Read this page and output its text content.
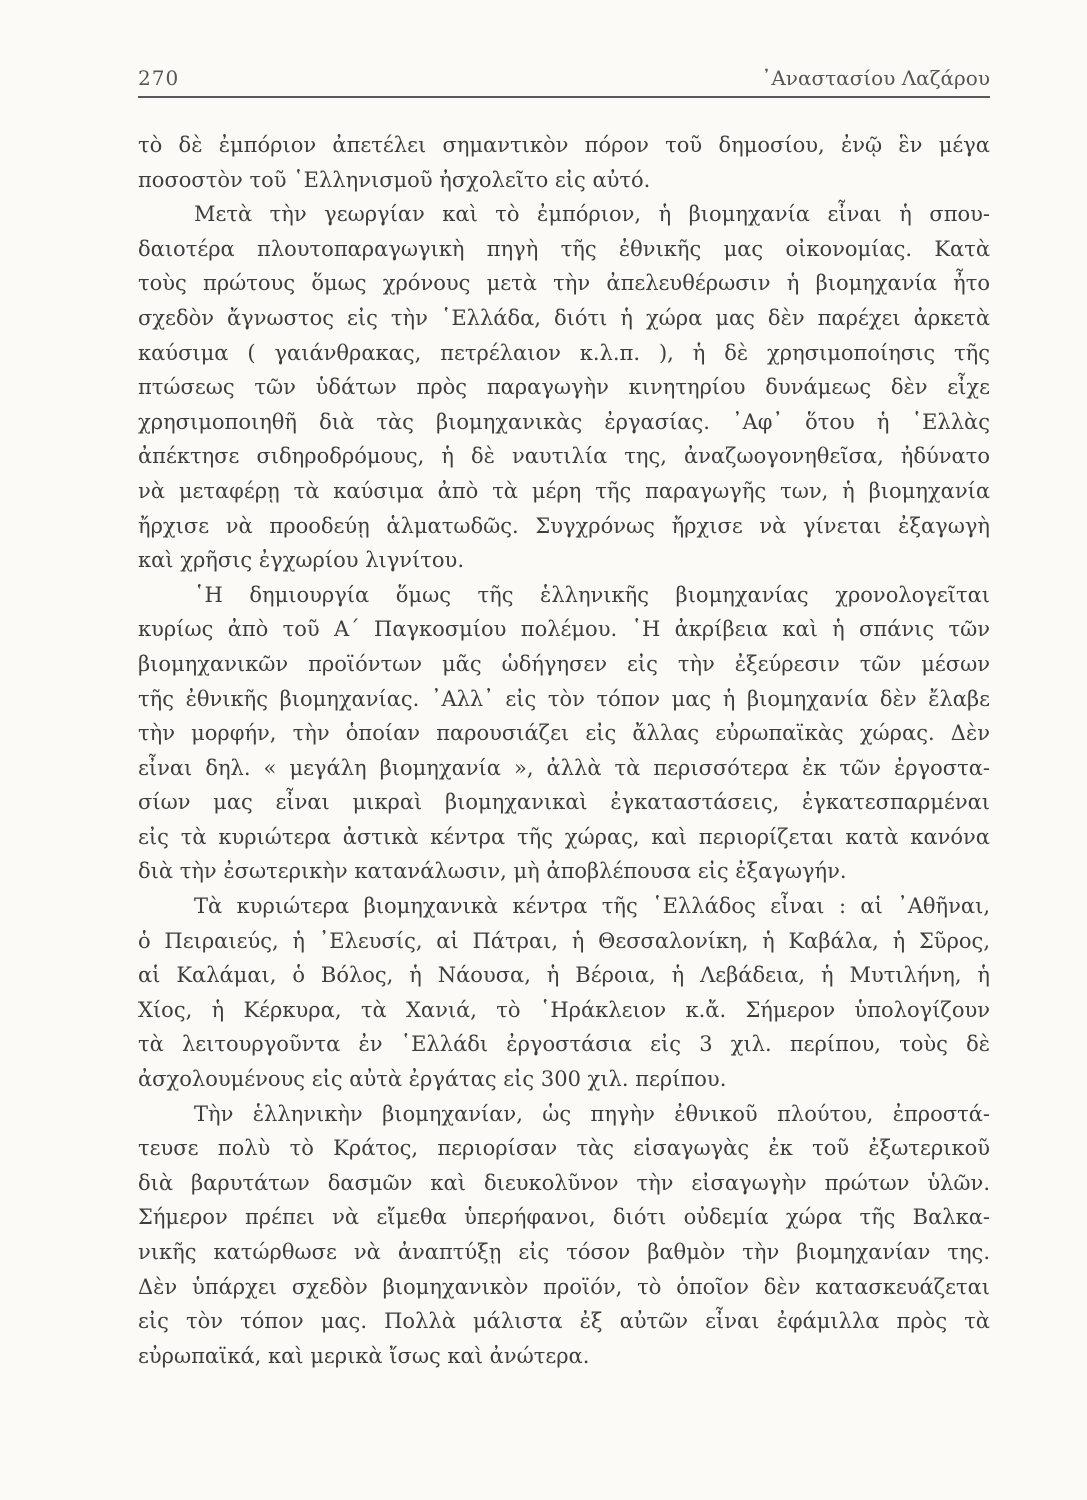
270	᾿Αναστασίου Λαζάρου
τὸ δὲ ἐμπόριον ἀπετέλει σημαντικὸν πόρον τοῦ δημοσίου, ἐνῷ ἓν μέγα
ποσοστὸν τοῦ ῾Ελληνισμοῦ ἠσχολεῖτο εἰς αὐτό.
Μετὰ τὴν γεωργίαν καὶ τὸ ἐμπόριον, ἡ βιομηχανία εἶναι ἡ σπου-
δαιοτέρα πλουτοπαραγωγικὴ πηγὴ τῆς ἐθνικῆς μας οἰκονομίας. Κατὰ
τοὺς πρώτους ὅμως χρόνους μετὰ τὴν ἀπελευθέρωσιν ἡ βιομηχανία ἦτο
σχεδὸν ἄγνωστος εἰς τὴν ῾Ελλάδα, διότι ἡ χώρα μας δὲν παρέχει ἀρκετὰ
καύσιμα ( γαιάνθρακας, πετρέλαιον κ.λ.π. ), ἡ δὲ χρησιμοποίησις τῆς
πτώσεως τῶν ὑδάτων πρὸς παραγωγὴν κινητηρίου δυνάμεως δὲν εἶχε
χρησιμοποιηθῆ διὰ τὰς βιομηχανικὰς ἐργασίας. ᾿Αφ᾿ ὅτου ἡ ῾Ελλὰς
ἀπέκτησε σιδηροδρόμους, ἡ δὲ ναυτιλία της, ἀναζωογονηθεῖσα, ἠδύνατο
νὰ μεταφέρῃ τὰ καύσιμα ἀπὸ τὰ μέρη τῆς παραγωγῆς των, ἡ βιομηχανία
ἤρχισε νὰ προοδεύῃ ἁλματωδῶς. Συγχρόνως ἤρχισε νὰ γίνεται ἐξαγωγὴ
καὶ χρῆσις ἐγχωρίου λιγνίτου.
῾Η δημιουργία ὅμως τῆς ἑλληνικῆς βιομηχανίας χρονολογεῖται
κυρίως ἀπὸ τοῦ Α΄ Παγκοσμίου πολέμου. ῾Η ἀκρίβεια καὶ ἡ σπάνις τῶν
βιομηχανικῶν προϊόντων μᾶς ὡδήγησεν εἰς τὴν ἐξεύρεσιν τῶν μέσων
τῆς ἐθνικῆς βιομηχανίας. ᾿Αλλ᾿ εἰς τὸν τόπον μας ἡ βιομηχανία δὲν ἔλαβε
τὴν μορφήν, τὴν ὁποίαν παρουσιάζει εἰς ἄλλας εὐρωπαϊκὰς χώρας. Δὲν
εἶναι δηλ. « μεγάλη βιομηχανία », ἀλλὰ τὰ περισσότερα ἐκ τῶν ἐργοστα-
σίων μας εἶναι μικραὶ βιομηχανικαὶ ἐγκαταστάσεις, ἐγκατεσπαρμέναι
εἰς τὰ κυριώτερα ἀστικὰ κέντρα τῆς χώρας, καὶ περιορίζεται κατὰ κανόνα
διὰ τὴν ἐσωτερικὴν κατανάλωσιν, μὴ ἀποβλέπουσα εἰς ἐξαγωγήν.
Τὰ κυριώτερα βιομηχανικὰ κέντρα τῆς ῾Ελλάδος εἶναι : αἱ ᾿Αθῆναι,
ὁ Πειραιεύς, ἡ ᾿Ελευσίς, αἱ Πάτραι, ἡ Θεσσαλονίκη, ἡ Καβάλα, ἡ Σῦρος,
αἱ Καλάμαι, ὁ Βόλος, ἡ Νάουσα, ἡ Βέροια, ἡ Λεβάδεια, ἡ Μυτιλήνη, ἡ
Χίος, ἡ Κέρκυρα, τὰ Χανιά, τὸ ῾Ηράκλειον κ.ἄ. Σήμερον ὑπολογίζουν
τὰ λειτουργοῦντα ἐν ῾Ελλάδι ἐργοστάσια εἰς 3 χιλ. περίπου, τοὺς δὲ
ἀσχολουμένους εἰς αὐτὰ ἐργάτας εἰς 300 χιλ. περίπου.
Τὴν ἑλληνικὴν βιομηχανίαν, ὡς πηγὴν ἐθνικοῦ πλούτου, ἐπροστά-
τευσε πολὺ τὸ Κράτος, περιορίσαν τὰς εἰσαγωγὰς ἐκ τοῦ ἐξωτερικοῦ
διὰ βαρυτάτων δασμῶν καὶ διευκολῦνον τὴν εἰσαγωγὴν πρώτων ὑλῶν.
Σήμερον πρέπει νὰ εἴμεθα ὑπερήφανοι, διότι οὐδεμία χώρα τῆς Βαλκα-
νικῆς κατώρθωσε νὰ ἀναπτύξῃ εἰς τόσον βαθμὸν τὴν βιομηχανίαν της.
Δὲν ὑπάρχει σχεδὸν βιομηχανικὸν προϊόν, τὸ ὁποῖον δὲν κατασκευάζεται
εἰς τὸν τόπον μας. Πολλὰ μάλιστα ἐξ αὐτῶν εἶναι ἐφάμιλλα πρὸς τὰ
εὐρωπαϊκά, καὶ μερικὰ ἴσως καὶ ἀνώτερα.
